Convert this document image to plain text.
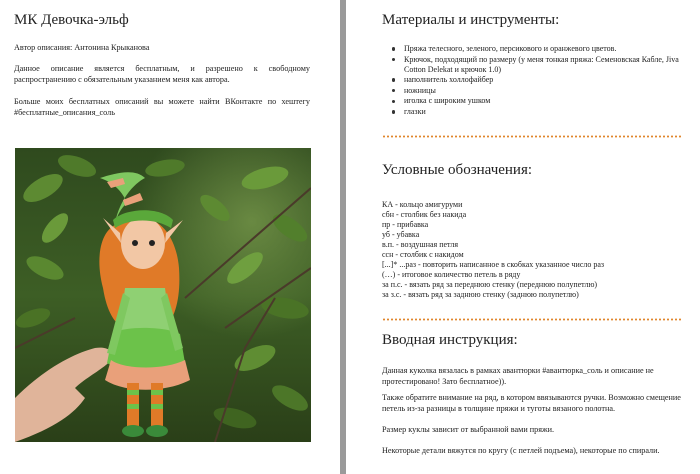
МК Девочка-эльф
Автор описания: Антонина Крыканова
Данное описание является бесплатным, и разрешено к свободному распространению с обязательным указанием меня как автора.
Больше моих бесплатных описаний вы можете найти ВКонтакте по хештегу #бесплатные_описания_соль
Материалы и инструменты:
Пряжа телесного, зеленого, персикового и оранжевого цветов.
Крючок, подходящий по размеру (у меня тонкая пряжа: Семеновская Кабле, Jiva Cotton Delekat и крючок 1.0)
наполнитель холлофайбер
ножницы
иголка с широким ушком
глазки
Условные обозначения:
КА - кольцо амигуруми
сбн - столбик без накида
пр - прибавка
уб - убавка
в.п. - воздушная петля
ссн - столбик с накидом
[...]* ...раз - повторить написанное в скобках указанное число раз
(…) - итоговое количество петель в ряду
за п.с. - вязать ряд за переднюю стенку (переднюю полупетлю)
за з.с. - вязать ряд за заднюю стенку (заднюю полупетлю)
Вводная инструкция:
Данная куколка вязалась в рамках авантюрки #авантюрка_соль и описание не протестировано! Зато бесплатное)).
Также обратите внимание на ряд, в котором ввязываются ручки. Возможно смещение петель из-за разницы в толщине пряжи и туготы вязаного полотна.
Размер куклы зависит от выбранной вами пряжи.
Некоторые детали вяжутся по кругу (с петлей подъема), некоторые по спирали.
